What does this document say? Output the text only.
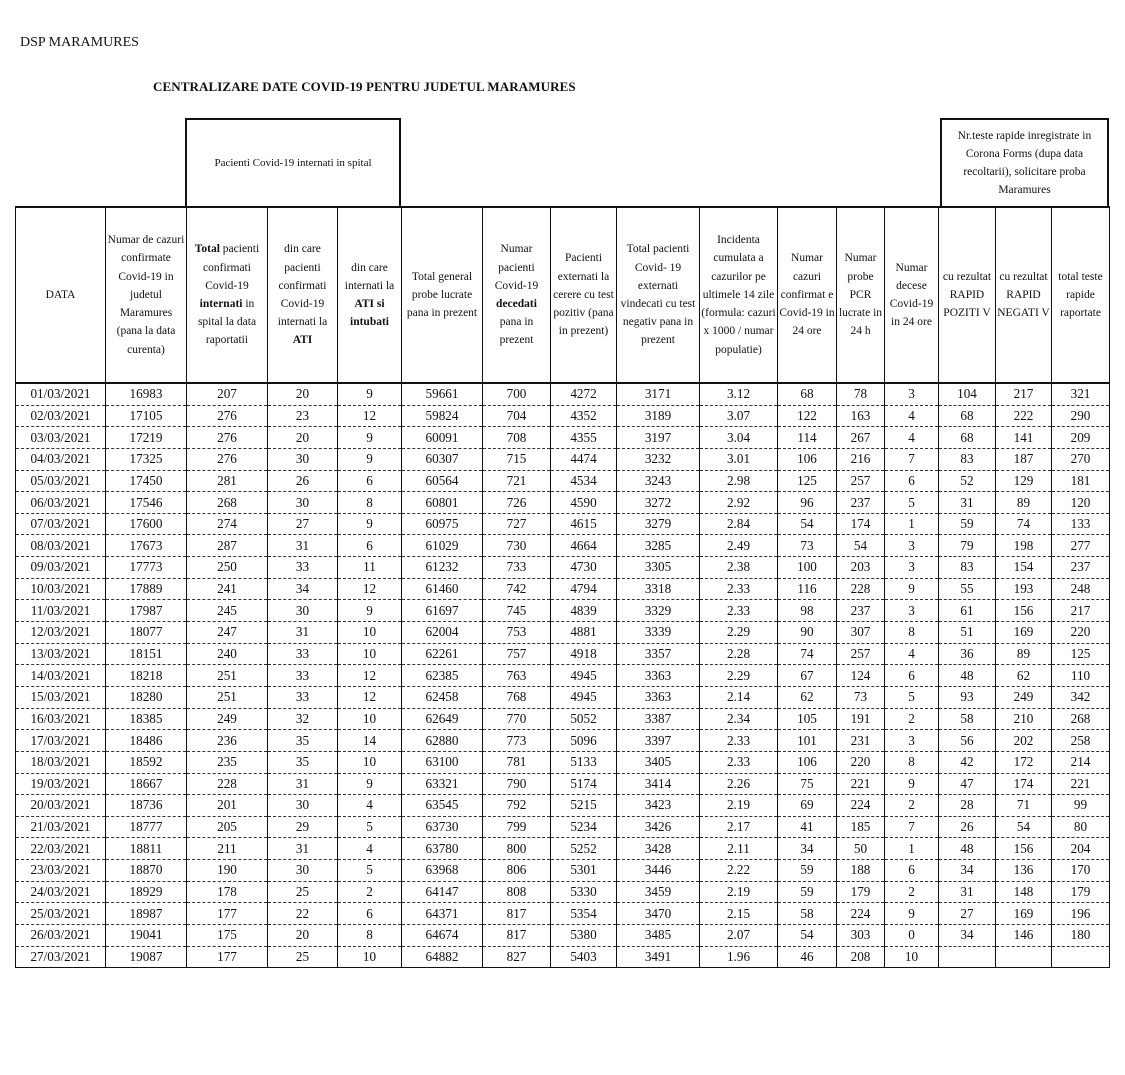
DSP MARAMURES
CENTRALIZARE DATE COVID-19 PENTRU JUDETUL MARAMURES
Pacienti Covid-19 internati in spital
Nr.teste rapide inregistrate in Corona Forms (dupa data recoltarii), solicitare proba Maramures
DATA	Numar de cazuri confirmate Covid-19 in judetul Maramures (pana la data curenta)	Total pacienti confirmati Covid-19 internati in spital la data raportatii	din care pacienti confirmati Covid-19 internati la ATI	din care internati la ATI si intubati	Total general probe lucrate pana in prezent	Numar pacienti Covid-19 decedati pana in prezent	Pacienti externati la cerere cu test pozitiv (pana in prezent)	Total pacienti Covid- 19 externati vindecati cu test negativ pana in prezent	Incidenta cumulata a cazurilor pe ultimele 14 zile (formula: cazuri x 1000 / numar populatie)	Numar cazuri confirmat e Covid-19 in 24 ore	Numar probe PCR lucrate in 24 h	Numar decese Covid-19 in 24 ore	cu rezultat RAPID POZITI V	cu rezultat RAPID NEGATI V	total teste rapide raportate
01/03/2021	16983	207	20	9	59661	700	4272	3171	3.12	68	78	3	104	217	321
02/03/2021	17105	276	23	12	59824	704	4352	3189	3.07	122	163	4	68	222	290
03/03/2021	17219	276	20	9	60091	708	4355	3197	3.04	114	267	4	68	141	209
04/03/2021	17325	276	30	9	60307	715	4474	3232	3.01	106	216	7	83	187	270
05/03/2021	17450	281	26	6	60564	721	4534	3243	2.98	125	257	6	52	129	181
06/03/2021	17546	268	30	8	60801	726	4590	3272	2.92	96	237	5	31	89	120
07/03/2021	17600	274	27	9	60975	727	4615	3279	2.84	54	174	1	59	74	133
08/03/2021	17673	287	31	6	61029	730	4664	3285	2.49	73	54	3	79	198	277
09/03/2021	17773	250	33	11	61232	733	4730	3305	2.38	100	203	3	83	154	237
10/03/2021	17889	241	34	12	61460	742	4794	3318	2.33	116	228	9	55	193	248
11/03/2021	17987	245	30	9	61697	745	4839	3329	2.33	98	237	3	61	156	217
12/03/2021	18077	247	31	10	62004	753	4881	3339	2.29	90	307	8	51	169	220
13/03/2021	18151	240	33	10	62261	757	4918	3357	2.28	74	257	4	36	89	125
14/03/2021	18218	251	33	12	62385	763	4945	3363	2.29	67	124	6	48	62	110
15/03/2021	18280	251	33	12	62458	768	4945	3363	2.14	62	73	5	93	249	342
16/03/2021	18385	249	32	10	62649	770	5052	3387	2.34	105	191	2	58	210	268
17/03/2021	18486	236	35	14	62880	773	5096	3397	2.33	101	231	3	56	202	258
18/03/2021	18592	235	35	10	63100	781	5133	3405	2.33	106	220	8	42	172	214
19/03/2021	18667	228	31	9	63321	790	5174	3414	2.26	75	221	9	47	174	221
20/03/2021	18736	201	30	4	63545	792	5215	3423	2.19	69	224	2	28	71	99
21/03/2021	18777	205	29	5	63730	799	5234	3426	2.17	41	185	7	26	54	80
22/03/2021	18811	211	31	4	63780	800	5252	3428	2.11	34	50	1	48	156	204
23/03/2021	18870	190	30	5	63968	806	5301	3446	2.22	59	188	6	34	136	170
24/03/2021	18929	178	25	2	64147	808	5330	3459	2.19	59	179	2	31	148	179
25/03/2021	18987	177	22	6	64371	817	5354	3470	2.15	58	224	9	27	169	196
26/03/2021	19041	175	20	8	64674	817	5380	3485	2.07	54	303	0	34	146	180
27/03/2021	19087	177	25	10	64882	827	5403	3491	1.96	46	208	10			
